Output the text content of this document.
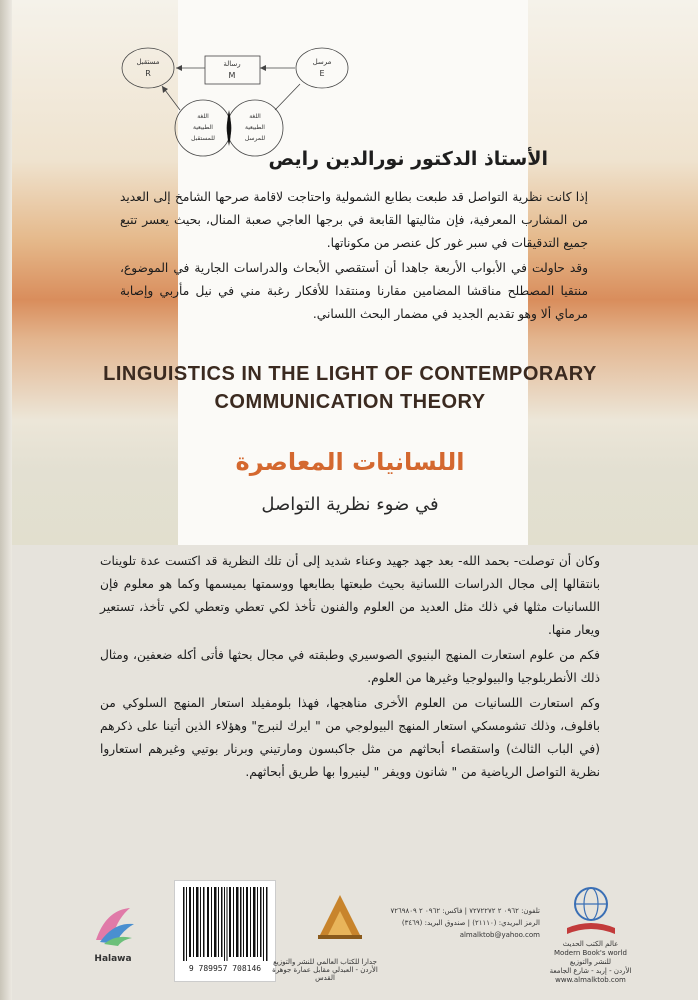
مستقبل
R
رسالة
M
مرسل
E
اللغة
الطبيعية
للمستقبل
اللغة
الطبيعية
للمرسل
الأستاذ الدكتور نورالدين رايص

إذا كانت نظرية التواصل قد طبعت بطابع الشمولية واحتاجت لاقامة صرحها الشامخ إلى العديد من المشارب المعرفية، فإن مثاليتها القابعة في برجها العاجي صعبة المنال، بحيث يعسر تتبع جميع التدقيقات في سبر غور كل عنصر من مكوناتها.

وقد حاولت في الأبواب الأربعة جاهدا أن أستقصي الأبحاث والدراسات الجارية في الموضوع، منتقيا المصطلح مناقشا المضامين مقارنا ومنتقدا للأفكار رغبة مني في نيل مأربي وإصابة مرماي ألا وهو تقديم الجديد في مضمار البحث اللساني.

LINGUISTICS IN THE LIGHT OF CONTEMPORARY
COMMUNICATION THEORY
اللسانيات المعاصرة
في ضوء نظرية التواصل

وكان أن توصلت- بحمد الله- بعد جهد جهيد وعناء شديد إلى أن تلك النظرية قد اكتست عدة تلوينات بانتقالها إلى مجال الدراسات اللسانية بحيث طبعتها بطابعها ووسمتها بميسمها وكما هو معلوم فإن اللسانيات مثلها في ذلك مثل العديد من العلوم والفنون تأخذ لكي تعطي وتعطي لكي تأخذ، تستعير ويعار منها.

فكم من علوم استعارت المنهج البنيوي الصوسيري وطبقته في مجال بحثها فأتى أكله ضعفين، ومثال ذلك الأنطربلوجيا والبيولوجيا وغيرها من العلوم.

وكم استعارت اللسانيات من العلوم الأخرى مناهجها، فهذا بلومفيلد استعار المنهج السلوكي من بافلوف، وذلك تشومسكي استعار المنهج البيولوجي من " ايرك لنبرج" وهؤلاء الذين أتينا على ذكرهم (في الباب الثالث) واستقصاء أبحاثهم من مثل جاكبسون ومارتيني وبرنار بوتيي وغيرهم استعاروا نظرية التواصل الرياضية من " شانون وويفر " لينيروا بها طريق أبحاثهم.

Halawa
9 789957 708146
جدارا للكتاب العالمي للنشر والتوزيع
الأردن - العبدلي مقابل عمارة جوهرة القدس
تلفون: ٠٩٦٢ ٢ ٧٢٧٢٢٧٢ | فاكس: ٠٩٦٢ ٢ ٧٢٦٩٨٠٩
الرمز البريدي: (٢١١١٠) | صندوق البريد: (٣٤٦٩)
almalktob@yahoo.com
عالم الكتب الحديث
Modern Book's world
للنشر والتوزيع
الأردن - إربد - شارع الجامعة
www.almalktob.com
